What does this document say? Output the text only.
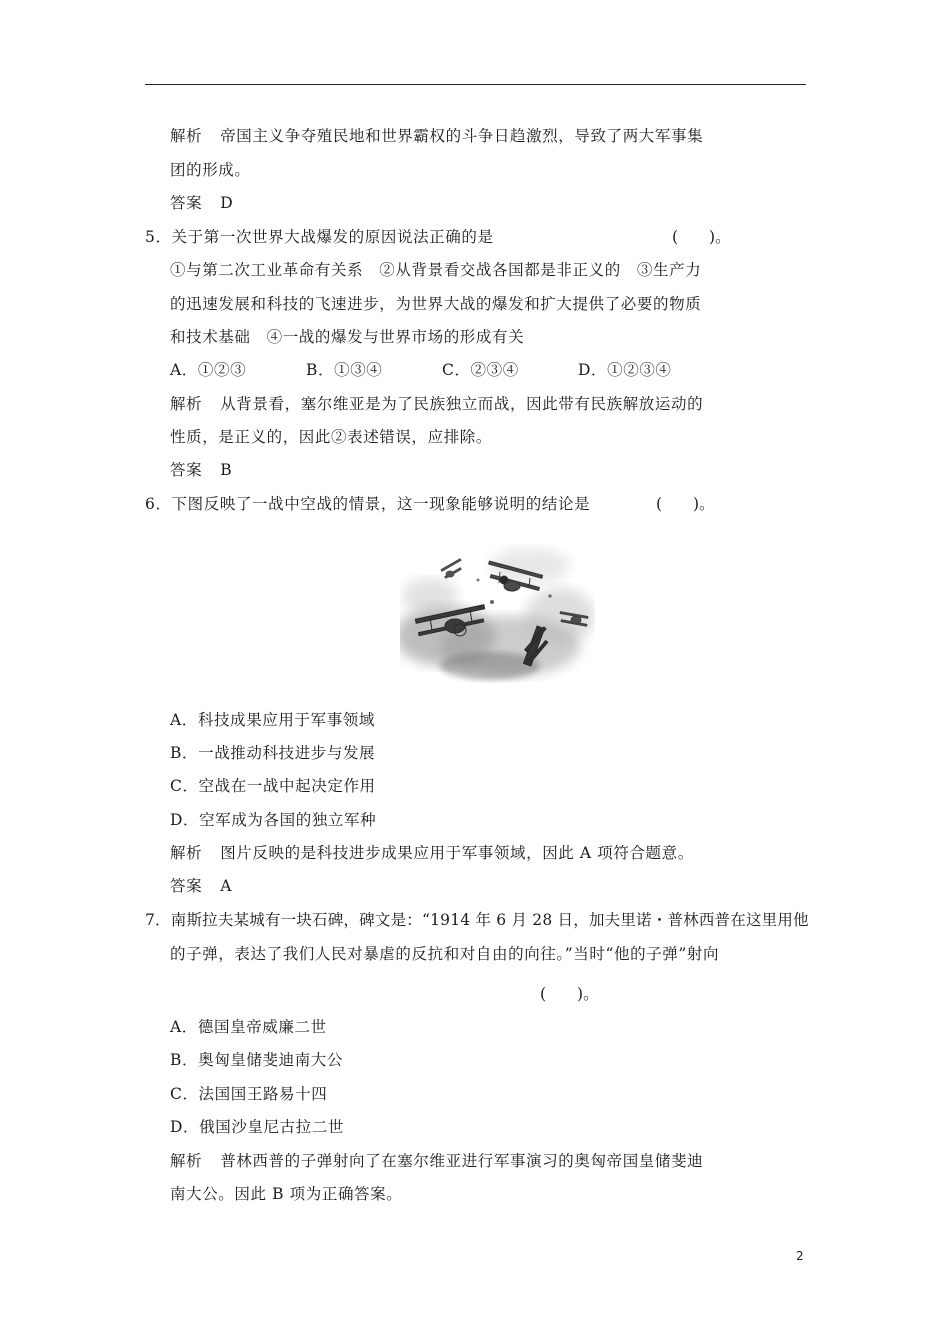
解析 帝国主义争夺殖民地和世界霸权的斗争日趋激烈，导致了两大军事集
团的形成。
答案 D
5．关于第一次世界大战爆发的原因说法正确的是	(　　)。
①与第二次工业革命有关系　②从背景看交战各国都是非正义的　③生产力
的迅速发展和科技的飞速进步，为世界大战的爆发和扩大提供了必要的物质
和技术基础　④一战的爆发与世界市场的形成有关
A．①②③	B．①③④	C．②③④	D．①②③④
解析 从背景看，塞尔维亚是为了民族独立而战，因此带有民族解放运动的
性质，是正义的，因此②表述错误，应排除。
答案 B
6．下图反映了一战中空战的情景，这一现象能够说明的结论是	(　　)。
A．科技成果应用于军事领域
B．一战推动科技进步与发展
C．空战在一战中起决定作用
D．空军成为各国的独立军种
解析 图片反映的是科技进步成果应用于军事领域，因此 A 项符合题意。
答案 A
7．南斯拉夫某城有一块石碑，碑文是：“1914 年 6 月 28 日，加夫里诺・普林西普在这里用他
的子弹，表达了我们人民对暴虐的反抗和对自由的向往。”当时“他的子弹”射向
(　　)。
A．德国皇帝威廉二世
B．奥匈皇储斐迪南大公
C．法国国王路易十四
D．俄国沙皇尼古拉二世
解析 普林西普的子弹射向了在塞尔维亚进行军事演习的奥匈帝国皇储斐迪
南大公。因此 B 项为正确答案。
2
